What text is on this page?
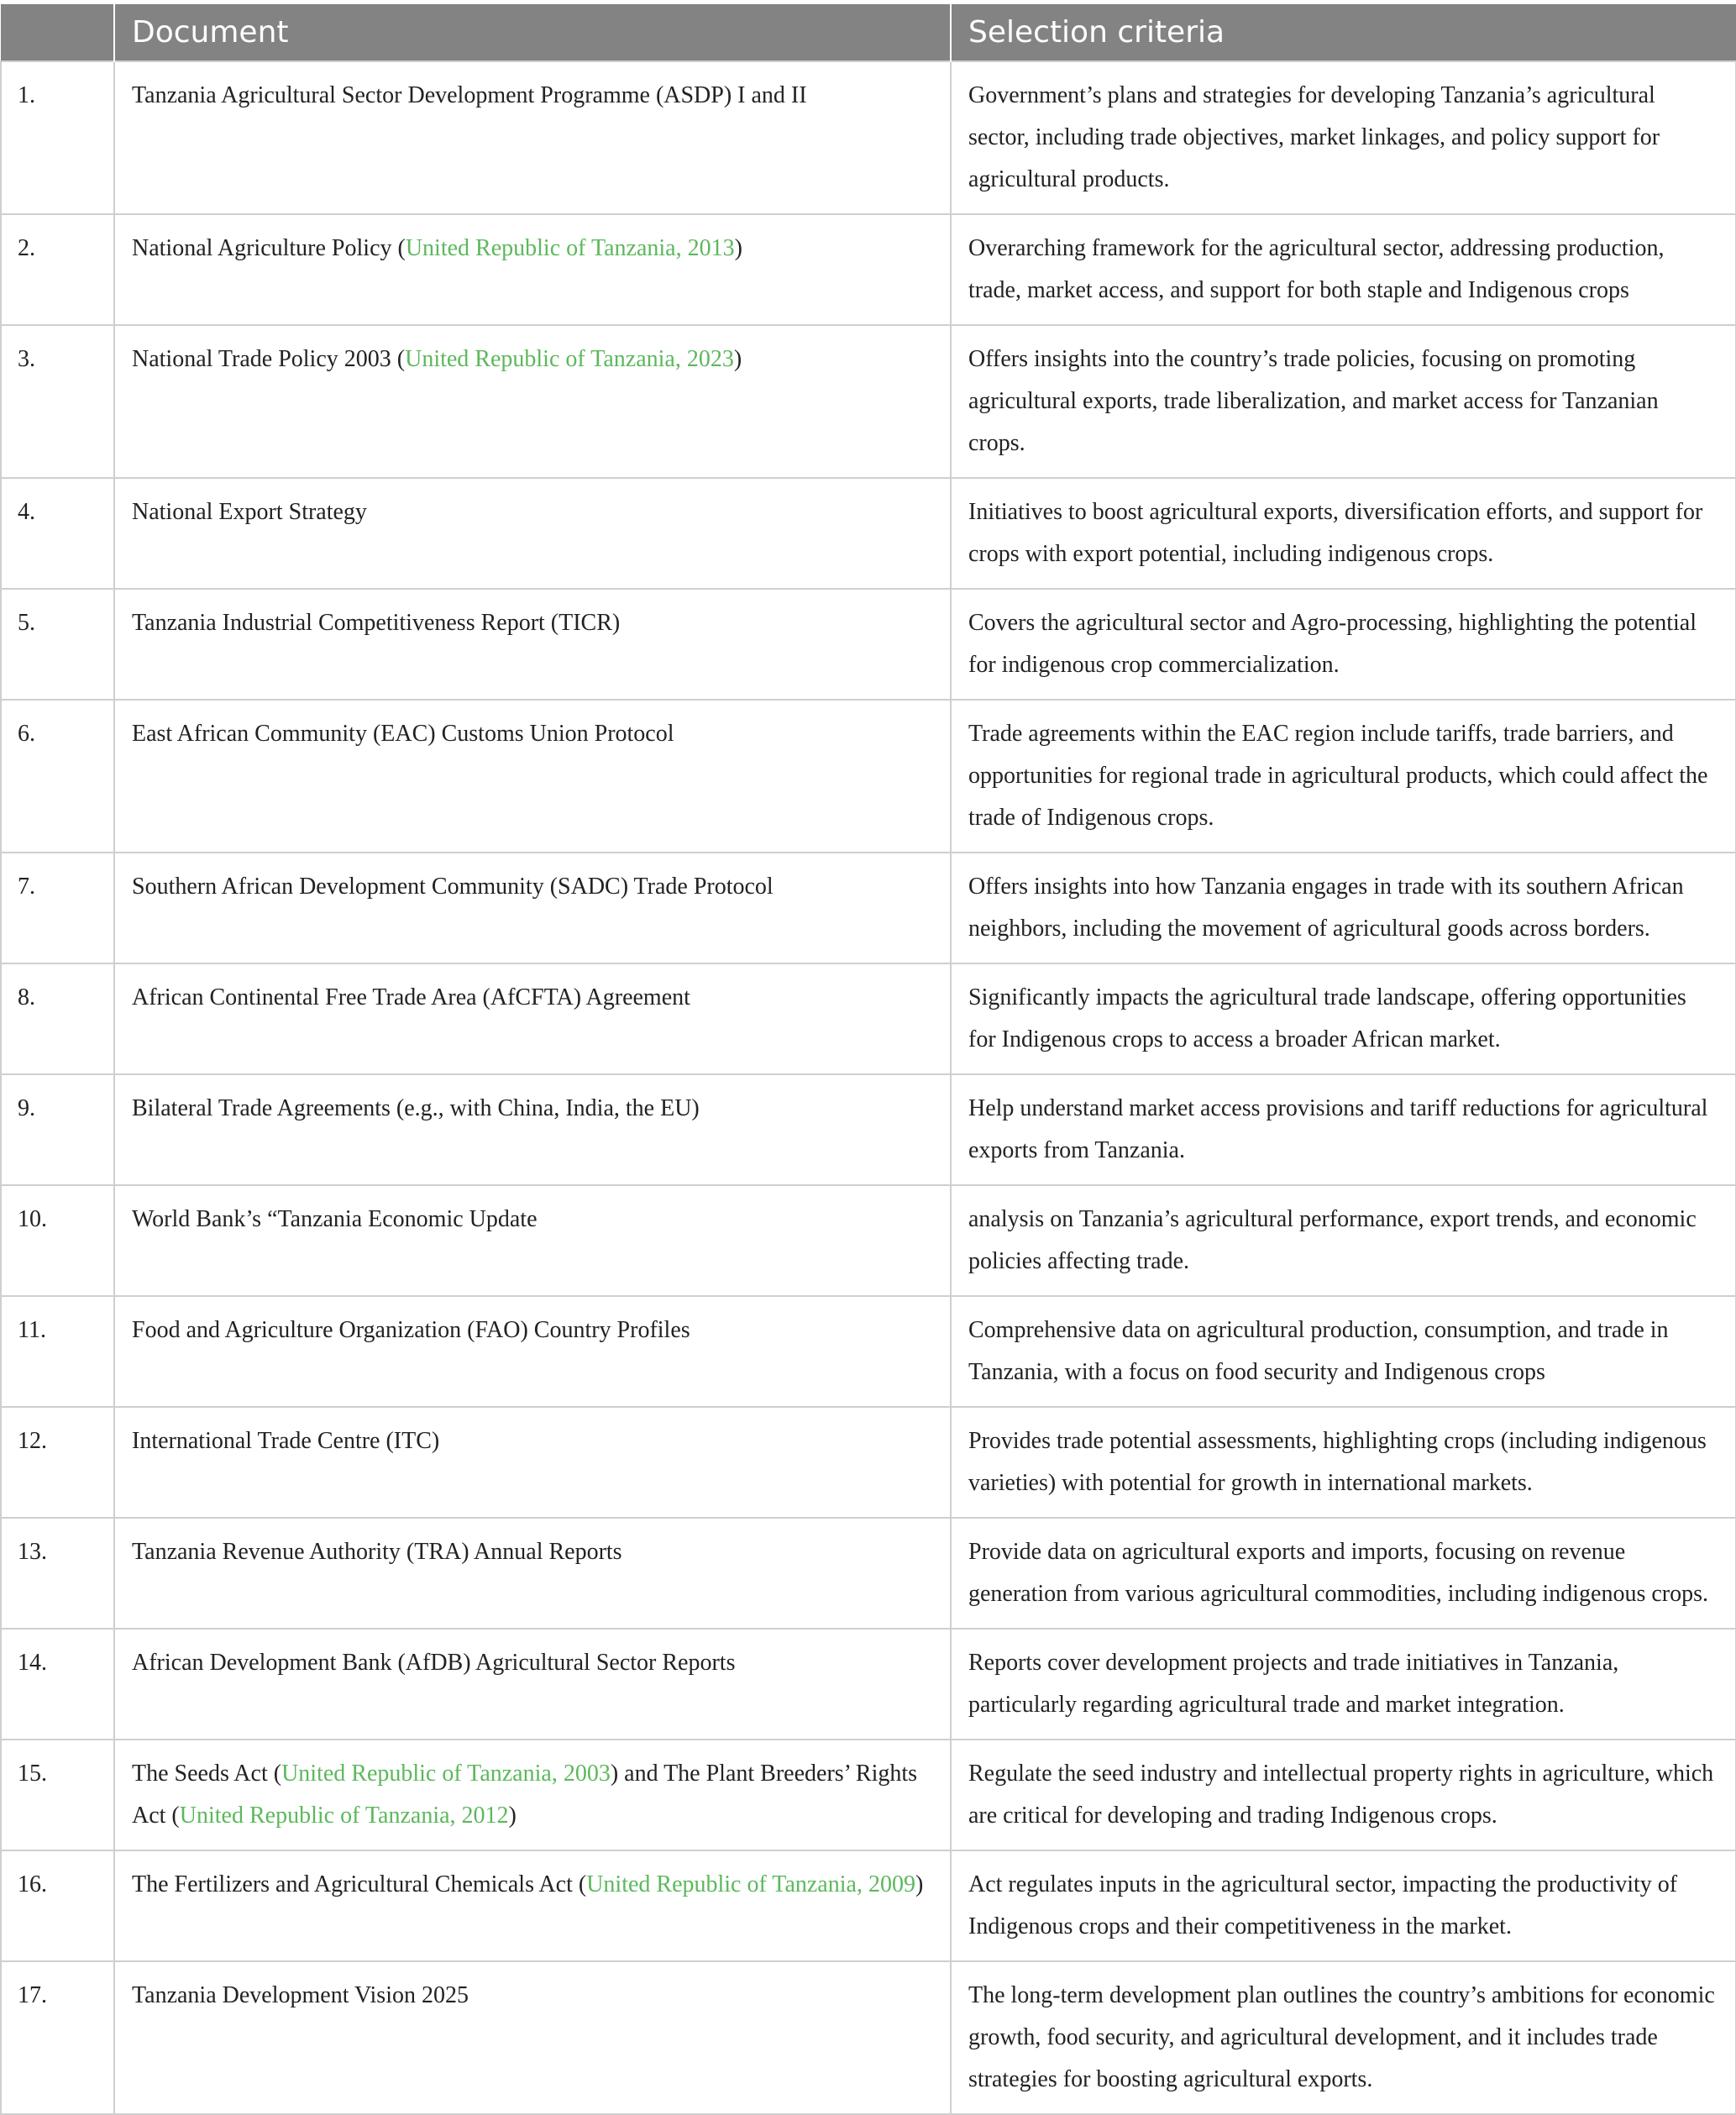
	Document	Selection criteria
1.	Tanzania Agricultural Sector Development Programme (ASDP) I and II	Government’s plans and strategies for developing Tanzania’s agricultural sector, including trade objectives, market linkages, and policy support for agricultural products.
2.	National Agriculture Policy (United Republic of Tanzania, 2013)	Overarching framework for the agricultural sector, addressing production, trade, market access, and support for both staple and Indigenous crops
3.	National Trade Policy 2003 (United Republic of Tanzania, 2023)	Offers insights into the country’s trade policies, focusing on promoting agricultural exports, trade liberalization, and market access for Tanzanian crops.
4.	National Export Strategy	Initiatives to boost agricultural exports, diversification efforts, and support for crops with export potential, including indigenous crops.
5.	Tanzania Industrial Competitiveness Report (TICR)	Covers the agricultural sector and Agro-processing, highlighting the potential for indigenous crop commercialization.
6.	East African Community (EAC) Customs Union Protocol	Trade agreements within the EAC region include tariffs, trade barriers, and opportunities for regional trade in agricultural products, which could affect the trade of Indigenous crops.
7.	Southern African Development Community (SADC) Trade Protocol	Offers insights into how Tanzania engages in trade with its southern African neighbors, including the movement of agricultural goods across borders.
8.	African Continental Free Trade Area (AfCFTA) Agreement	Significantly impacts the agricultural trade landscape, offering opportunities for Indigenous crops to access a broader African market.
9.	Bilateral Trade Agreements (e.g., with China, India, the EU)	Help understand market access provisions and tariff reductions for agricultural exports from Tanzania.
10.	World Bank’s “Tanzania Economic Update	analysis on Tanzania’s agricultural performance, export trends, and economic policies affecting trade.
11.	Food and Agriculture Organization (FAO) Country Profiles	Comprehensive data on agricultural production, consumption, and trade in Tanzania, with a focus on food security and Indigenous crops
12.	International Trade Centre (ITC)	Provides trade potential assessments, highlighting crops (including indigenous varieties) with potential for growth in international markets.
13.	Tanzania Revenue Authority (TRA) Annual Reports	Provide data on agricultural exports and imports, focusing on revenue generation from various agricultural commodities, including indigenous crops.
14.	African Development Bank (AfDB) Agricultural Sector Reports	Reports cover development projects and trade initiatives in Tanzania, particularly regarding agricultural trade and market integration.
15.	The Seeds Act (United Republic of Tanzania, 2003) and The Plant Breeders’ Rights Act (United Republic of Tanzania, 2012)	Regulate the seed industry and intellectual property rights in agriculture, which are critical for developing and trading Indigenous crops.
16.	The Fertilizers and Agricultural Chemicals Act (United Republic of Tanzania, 2009)	Act regulates inputs in the agricultural sector, impacting the productivity of Indigenous crops and their competitiveness in the market.
17.	Tanzania Development Vision 2025	The long-term development plan outlines the country’s ambitions for economic growth, food security, and agricultural development, and it includes trade strategies for boosting agricultural exports.
